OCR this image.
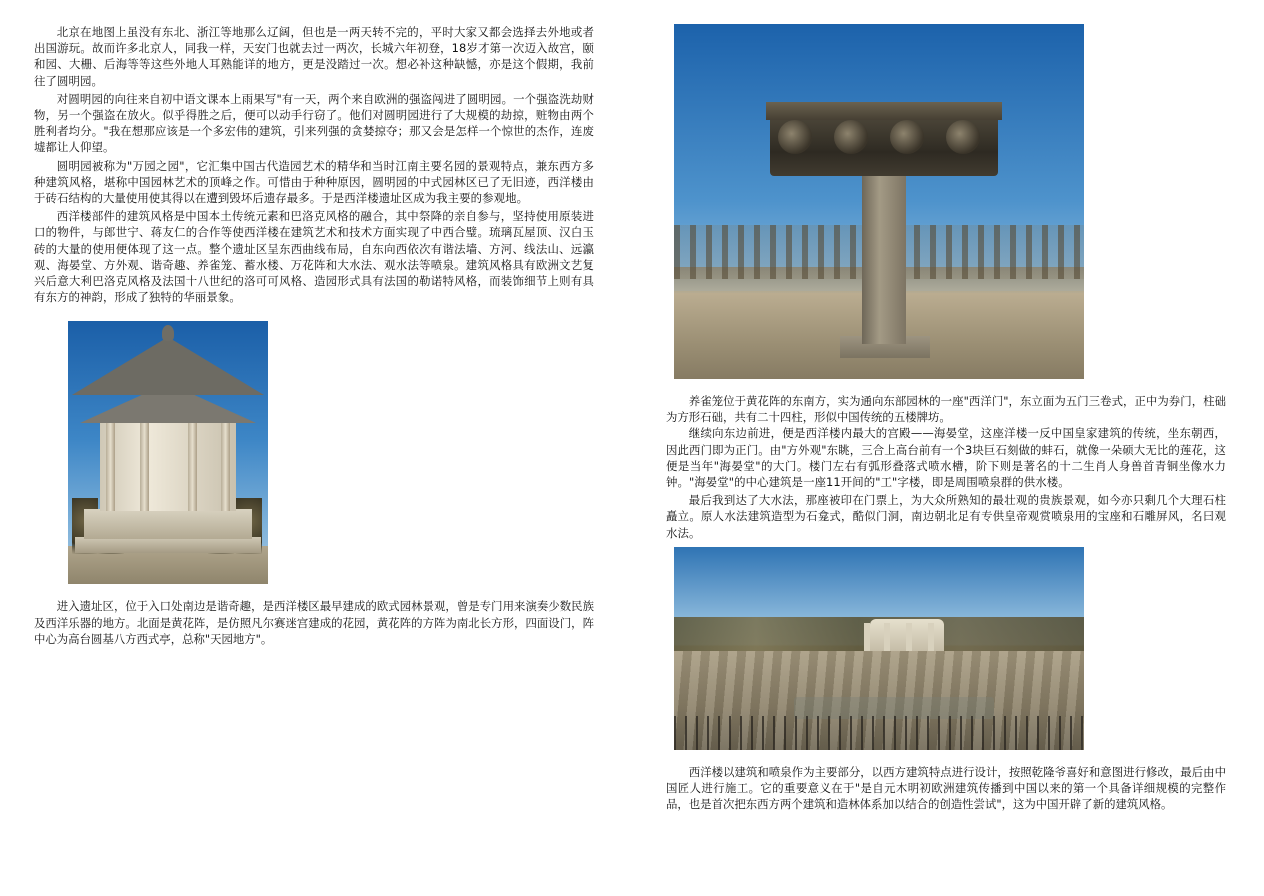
北京在地图上虽没有东北、浙江等地那么辽阔，但也是一两天转不完的，平时大家又都会选择去外地或者出国游玩。故而许多北京人，同我一样，天安门也就去过一两次，长城六年初登，18岁才第一次迈入故宫，颐和园、大栅、后海等等这些外地人耳熟能详的地方，更是没踏过一次。想必补这种缺憾，亦是这个假期，我前往了圆明园。

对圆明园的向往来自初中语文课本上雨果写"有一天，两个来自欧洲的强盗闯进了圆明园。一个强盗洗劫财物，另一个强盗在放火。似乎得胜之后，便可以动手行窃了。他们对圆明园进行了大规模的劫掠，赃物由两个胜利者均分。"我在想那应该是一个多宏伟的建筑，引来列强的贪婪掠夺；那又会是怎样一个惊世的杰作，连废墟都让人仰望。

圆明园被称为"万园之园"，它汇集中国古代造园艺术的精华和当时江南主要名园的景观特点，兼东西方多种建筑风格，堪称中国园林艺术的顶峰之作。可惜由于种种原因，圆明园的中式园林区已了无旧迹，西洋楼由于砖石结构的大量使用使其得以在遭到毁坏后遗存最多。于是西洋楼遗址区成为我主要的参观地。

西洋楼部件的建筑风格是中国本土传统元素和巴洛克风格的融合，其中祭降的亲自参与，坚持使用原装进口的物件，与郎世宁、蒋友仁的合作等使西洋楼在建筑艺术和技术方面实现了中西合璧。琉璃瓦屋顶、汉白玉砖的大量的使用便体现了这一点。整个遗址区呈东西曲线布局，自东向西依次有谐法墙、方河、线法山、远瀛观、海晏堂、方外观、谐奇趣、养雀笼、蓄水楼、万花阵和大水法、观水法等喷泉。建筑风格具有欧洲文艺复兴后意大利巴洛克风格及法国十八世纪的洛可可风格、造园形式具有法国的勒诺特风格，而装饰细节上则有具有东方的神韵，形成了独特的华丽景象。

进入遗址区，位于入口处南边是谐奇趣，是西洋楼区最早建成的欧式园林景观，曾是专门用来演奏少数民族及西洋乐器的地方。北面是黄花阵，是仿照凡尔赛迷宫建成的花园，黄花阵的方阵为南北长方形，四面设门，阵中心为高台圆基八方西式亭，总称"天园地方"。

养雀笼位于黄花阵的东南方，实为通向东部园林的一座"西洋门"，东立面为五门三卷式，正中为券门，柱础为方形石础，共有二十四柱，形似中国传统的五楼牌坊。

继续向东边前进，便是西洋楼内最大的宫殿——海晏堂，这座洋楼一反中国皇家建筑的传统，坐东朝西，因此西门即为正门。由"方外观"东眺，三合上高台前有一个3块巨石刻做的蚌石，就像一朵硕大无比的莲花，这便是当年"海晏堂"的大门。楼门左右有弧形叠落式喷水槽，阶下则是著名的十二生肖人身兽首青铜坐像水力钟。"海晏堂"的中心建筑是一座11开间的"工"字楼，即是周围喷泉群的供水楼。

最后我到达了大水法，那座被印在门票上，为大众所熟知的最壮观的贵族景观，如今亦只剩几个大理石柱矗立。原人水法建筑造型为石龛式，酷似门洞，南边朝北足有专供皇帝观赏喷泉用的宝座和石雕屏风，名曰观水法。

西洋楼以建筑和喷泉作为主要部分，以西方建筑特点进行设计，按照乾隆爷喜好和意图进行修改，最后由中国匠人进行施工。它的重要意义在于"是自元木明初欧洲建筑传播到中国以来的第一个具备详细规模的完整作品，也是首次把东西方两个建筑和造林体系加以结合的创造性尝试"，这为中国开辟了新的建筑风格。
